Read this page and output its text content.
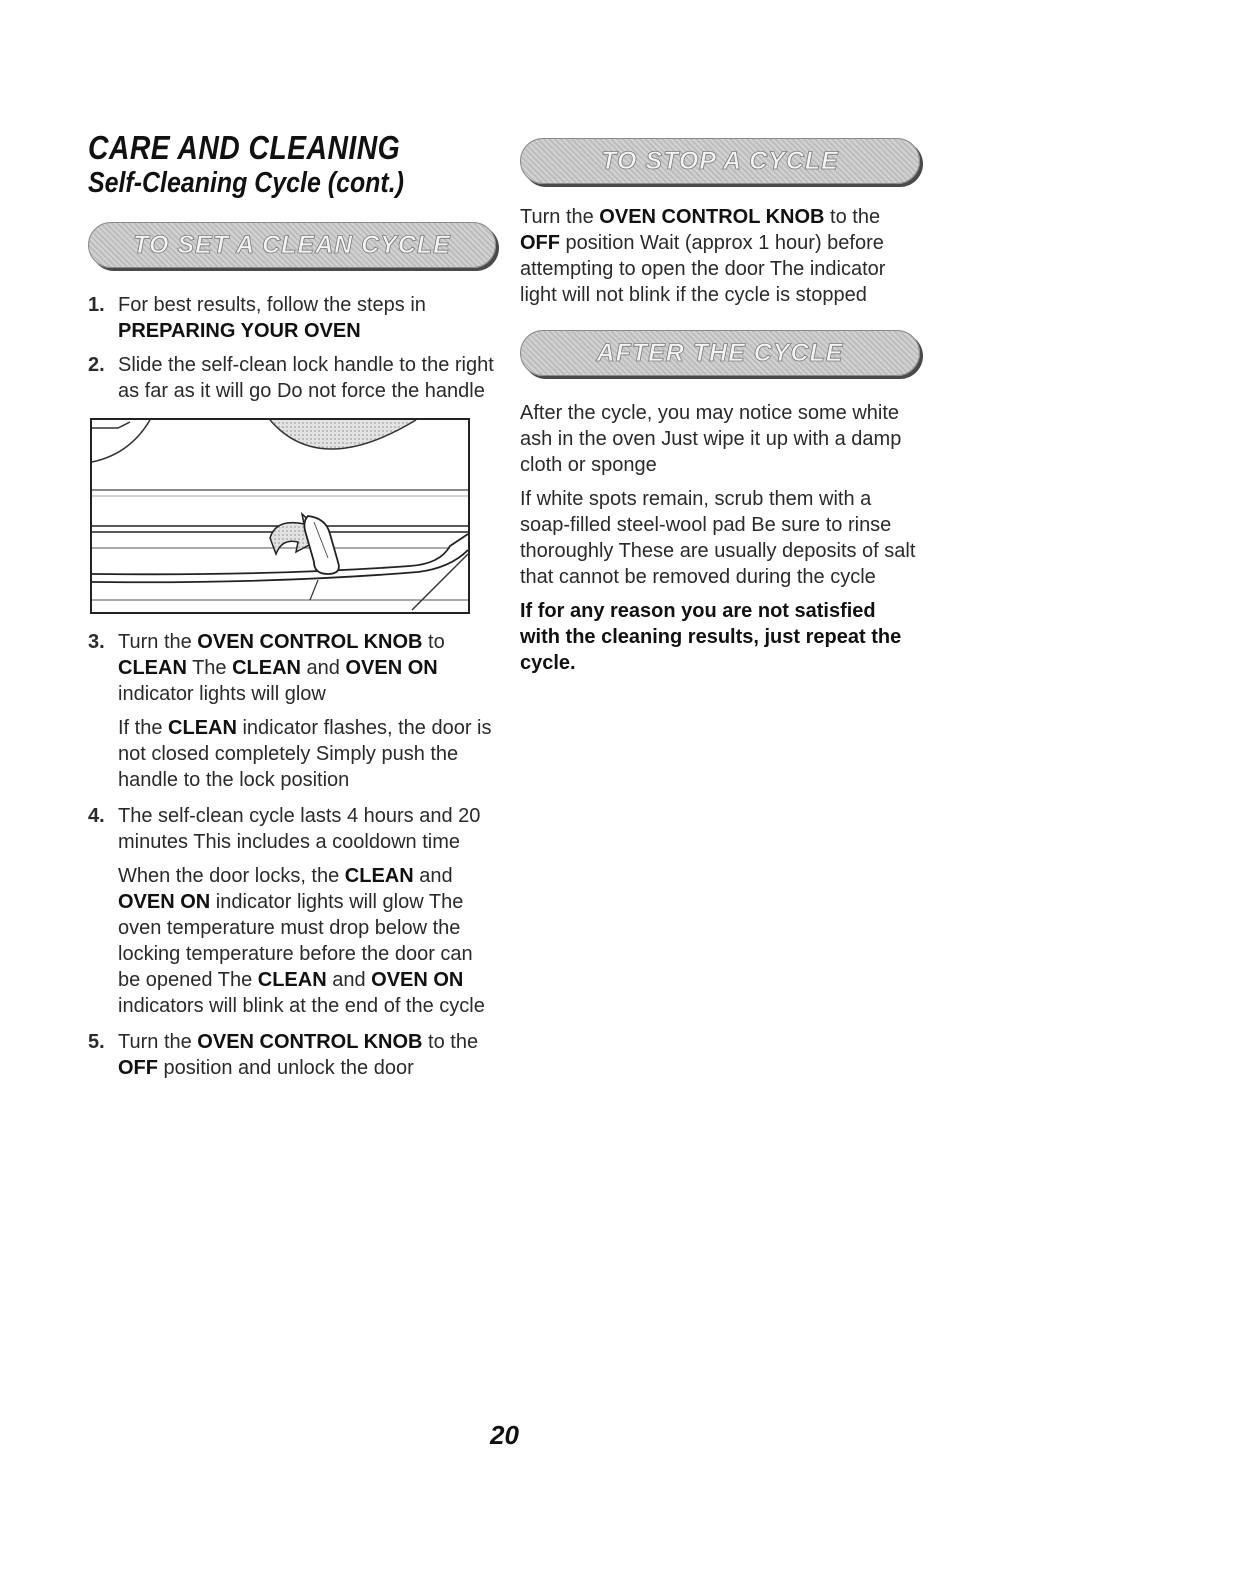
CARE AND CLEANING
Self-Cleaning Cycle (cont.)
TO SET A CLEAN CYCLE
1. For best results, follow the steps in PREPARING YOUR OVEN
2. Slide the self-clean lock handle to the right as far as it will go Do not force the handle
3. Turn the OVEN CONTROL KNOB to CLEAN The CLEAN and OVEN ON indicator lights will glow

If the CLEAN indicator flashes, the door is not closed completely Simply push the handle to the lock position

4. The self-clean cycle lasts 4 hours and 20 minutes This includes a cooldown time

When the door locks, the CLEAN and OVEN ON indicator lights will glow The oven temperature must drop below the locking temperature before the door can be opened The CLEAN and OVEN ON indicators will blink at the end of the cycle

5. Turn the OVEN CONTROL KNOB to the OFF position and unlock the door
TO STOP A CYCLE

Turn the OVEN CONTROL KNOB to the OFF position Wait (approx 1 hour) before attempting to open the door The indicator light will not blink if the cycle is stopped

AFTER THE CYCLE

After the cycle, you may notice some white ash in the oven Just wipe it up with a damp cloth or sponge

If white spots remain, scrub them with a soap-filled steel-wool pad Be sure to rinse thoroughly These are usually deposits of salt that cannot be removed during the cycle

If for any reason you are not satisfied with the cleaning results, just repeat the cycle.

20
